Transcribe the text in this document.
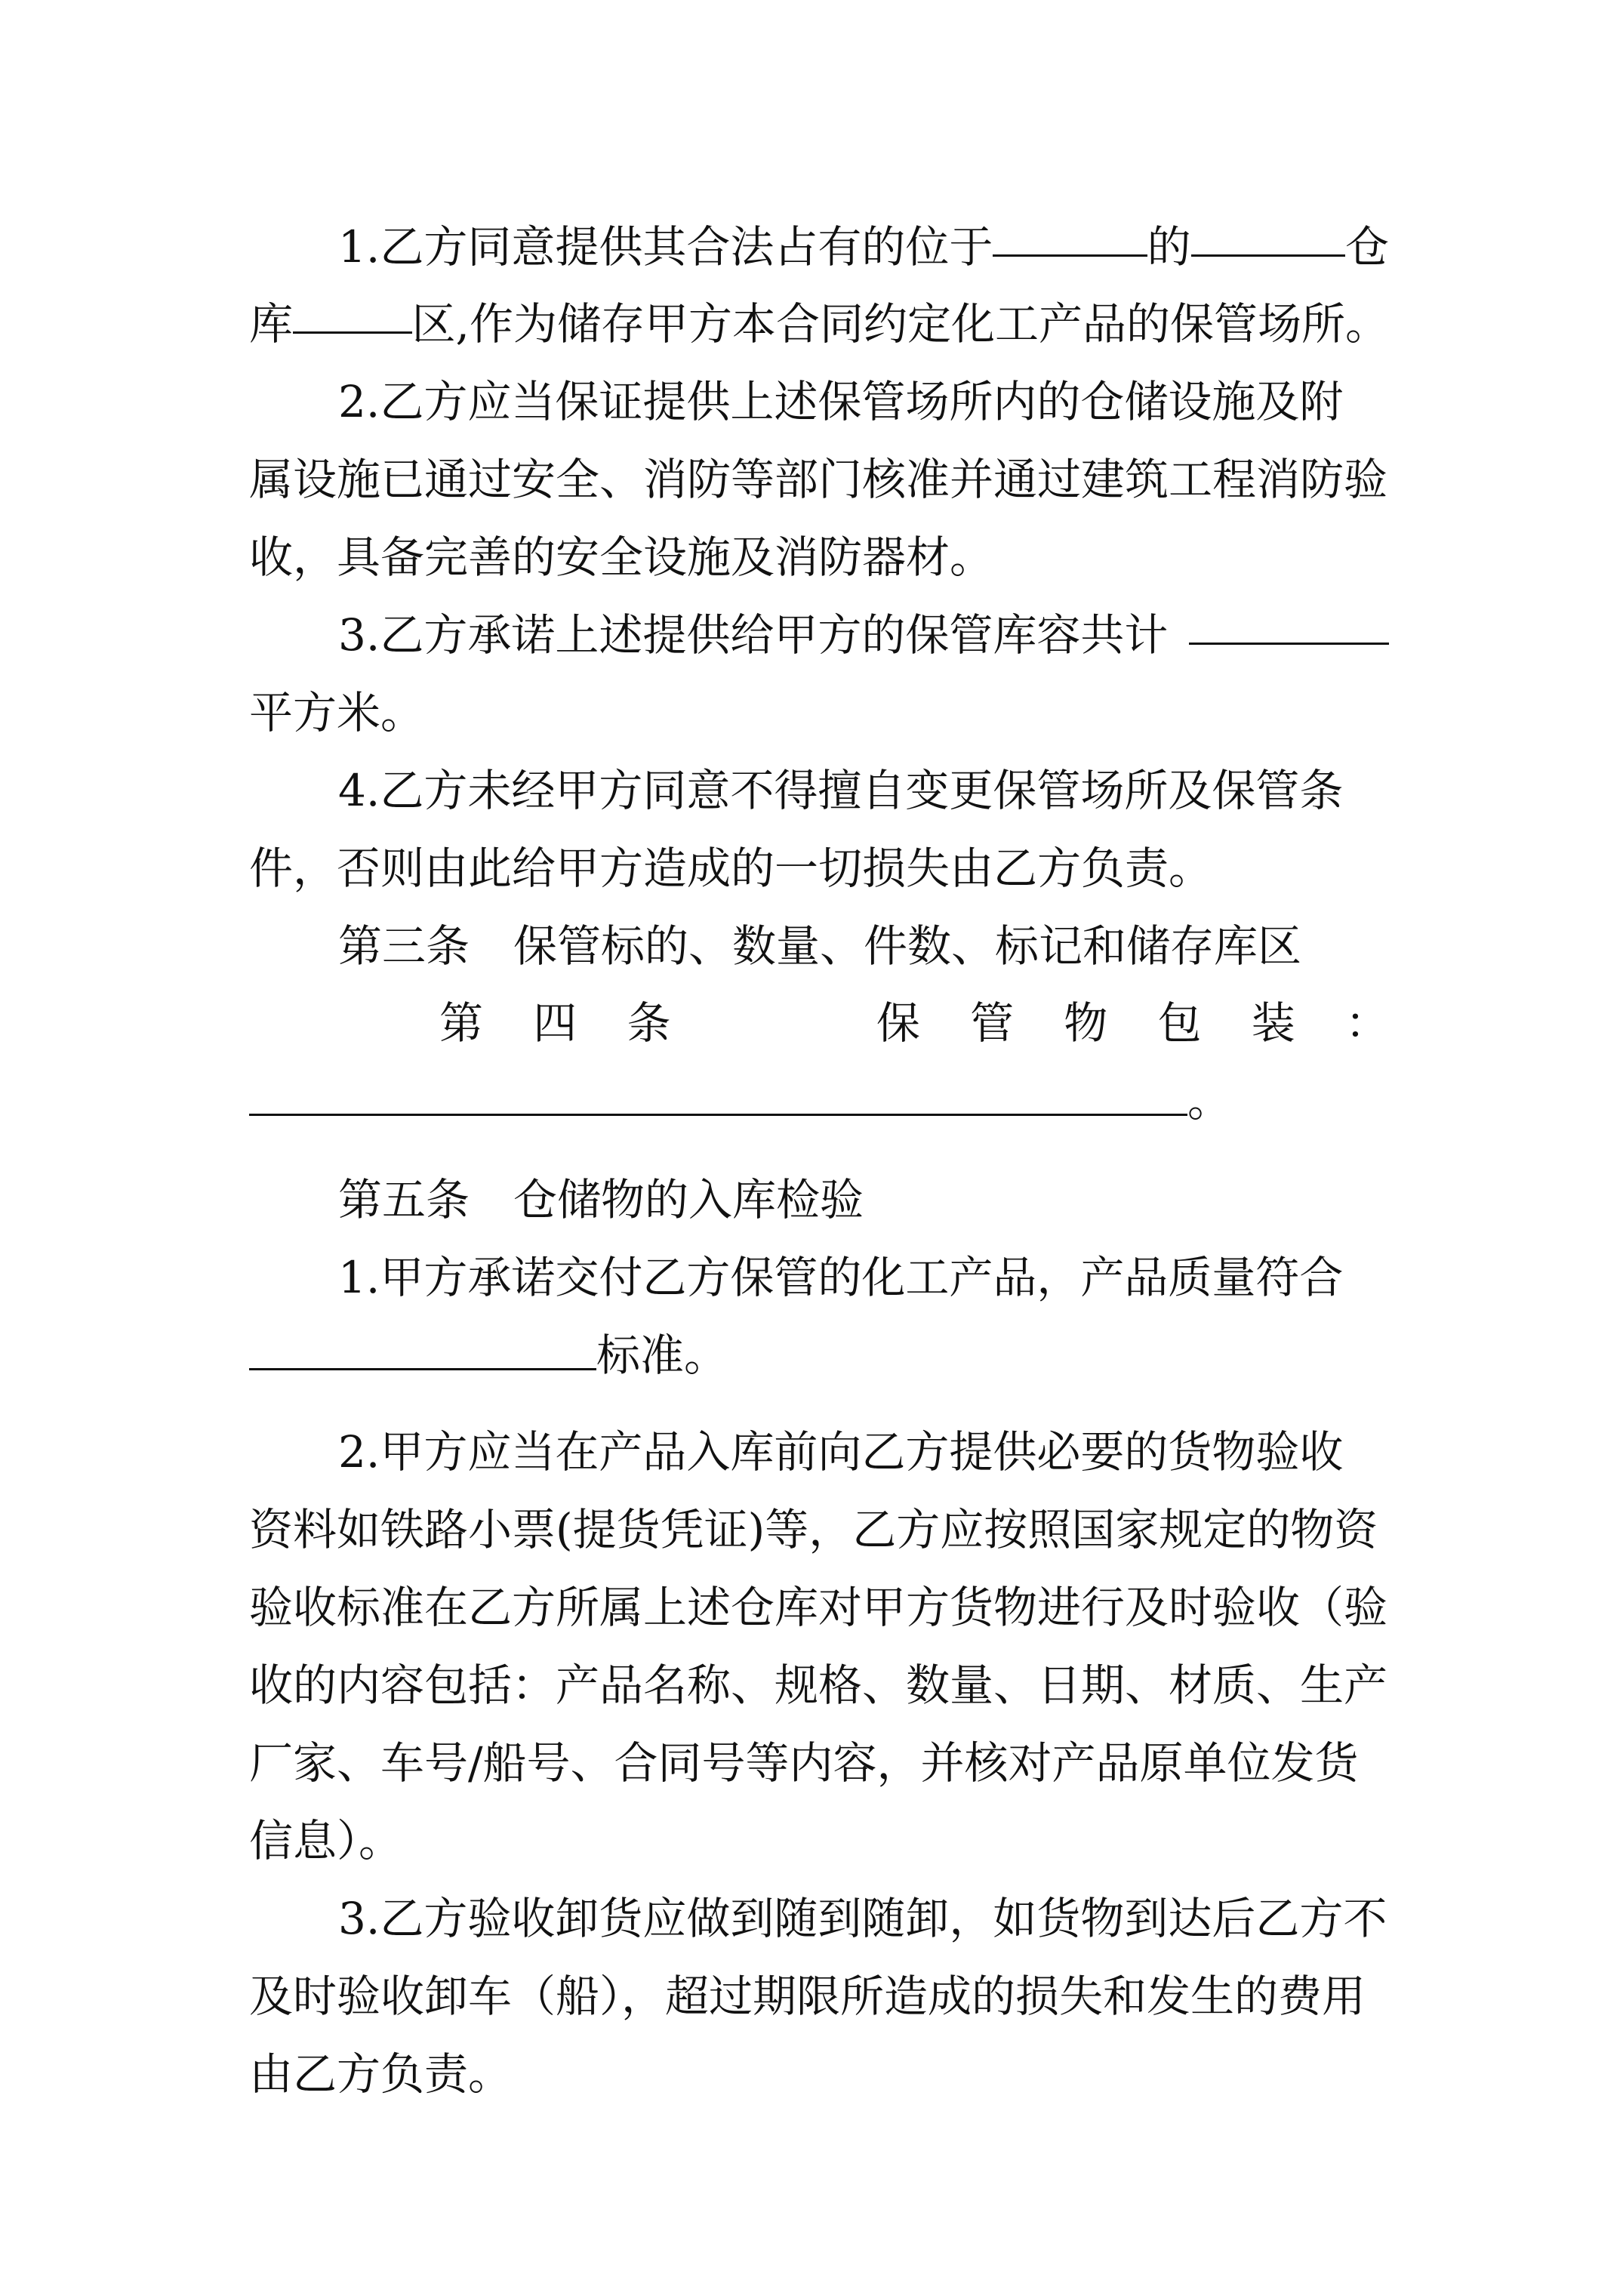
1.乙方同意提供其合法占有的位于	的	仓
库	区,作为储存甲方本合同约定化工产品的保管场所。
2.乙方应当保证提供上述保管场所内的仓储设施及附
属设施已通过安全、消防等部门核准并通过建筑工程消防验
收，具备完善的安全设施及消防器材。
3.乙方承诺上述提供给甲方的保管库容共计
平方米。
4.乙方未经甲方同意不得擅自变更保管场所及保管条
件，否则由此给甲方造成的一切损失由乙方负责。
第三条 保管标的、数量、件数、标记和储存库区
第 四 条	保 管 物 包 装 ：
。
第五条 仓储物的入库检验
1.甲方承诺交付乙方保管的化工产品，产品质量符合
标准。
2.甲方应当在产品入库前向乙方提供必要的货物验收
资料如铁路小票(提货凭证)等，乙方应按照国家规定的物资
验收标准在乙方所属上述仓库对甲方货物进行及时验收（验
收的内容包括：产品名称、规格、数量、日期、材质、生产
厂家、车号/船号、合同号等内容，并核对产品原单位发货
信息）。
3.乙方验收卸货应做到随到随卸，如货物到达后乙方不
及时验收卸车（船），超过期限所造成的损失和发生的费用
由乙方负责。
